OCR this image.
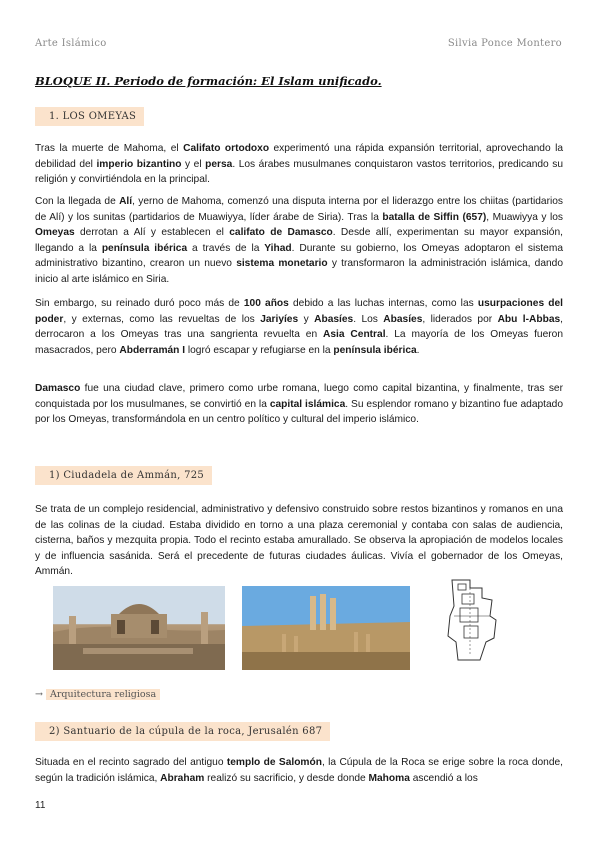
Arte Islámico	Silvia Ponce Montero
BLOQUE II. Periodo de formación: El Islam unificado.
1. LOS OMEYAS

Tras la muerte de Mahoma, el Califato ortodoxo experimentó una rápida expansión territorial, aprovechando la debilidad del imperio bizantino y el persa. Los árabes musulmanes conquistaron vastos territorios, predicando su religión y convirtiéndola en la principal.

Con la llegada de Alí, yerno de Mahoma, comenzó una disputa interna por el liderazgo entre los chiitas (partidarios de Alí) y los sunitas (partidarios de Muawiyya, líder árabe de Siria). Tras la batalla de Siffin (657), Muawiyya y los Omeyas derrotan a Alí y establecen el califato de Damasco. Desde allí, experimentan su mayor expansión, llegando a la península ibérica a través de la Yihad. Durante su gobierno, los Omeyas adoptaron el sistema administrativo bizantino, crearon un nuevo sistema monetario y transformaron la administración islámica, dando inicio al arte islámico en Siria.

Sin embargo, su reinado duró poco más de 100 años debido a las luchas internas, como las usurpaciones del poder, y externas, como las revueltas de los Jariyíes y Abasíes. Los Abasíes, liderados por Abu l-Abbas, derrocaron a los Omeyas tras una sangrienta revuelta en Asia Central. La mayoría de los Omeyas fueron masacrados, pero Abderramán I logró escapar y refugiarse en la península ibérica.

Damasco fue una ciudad clave, primero como urbe romana, luego como capital bizantina, y finalmente, tras ser conquistada por los musulmanes, se convirtió en la capital islámica. Su esplendor romano y bizantino fue adaptado por los Omeyas, transformándola en un centro político y cultural del imperio islámico.

1) Ciudadela de Ammán, 725

Se trata de un complejo residencial, administrativo y defensivo construido sobre restos bizantinos y romanos en una de las colinas de la ciudad. Estaba dividido en torno a una plaza ceremonial y contaba con salas de audiencia, cisterna, baños y mezquita propia. Todo el recinto estaba amurallado. Se observa la apropiación de modelos locales y de influencia sasánida. Será el precedente de futuras ciudades áulicas. Vivía el gobernador de los Omeyas, Ammán.

→ Arquitectura religiosa
2) Santuario de la cúpula de la roca, Jerusalén 687

Situada en el recinto sagrado del antiguo templo de Salomón, la Cúpula de la Roca se erige sobre la roca donde, según la tradición islámica, Abraham realizó su sacrificio, y desde donde Mahoma ascendió a los

11
